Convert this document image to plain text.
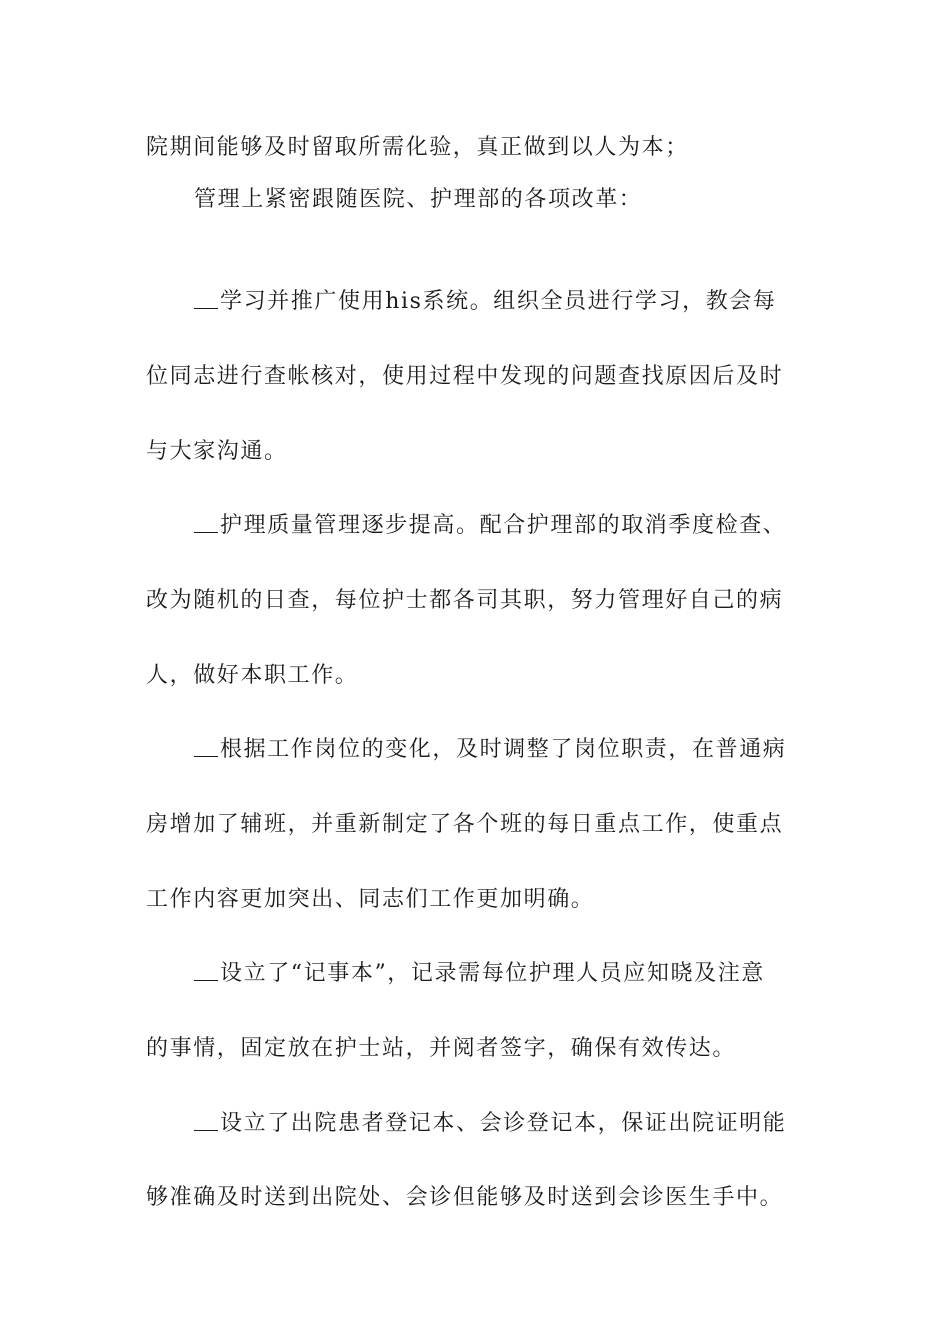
院期间能够及时留取所需化验，真正做到以人为本；
管理上紧密跟随医院、护理部的各项改革：
学习并推广使用his系统。组织全员进行学习，教会每
位同志进行查帐核对，使用过程中发现的问题查找原因后及时
与大家沟通。
护理质量管理逐步提高。配合护理部的取消季度检查、
改为随机的日查，每位护士都各司其职，努力管理好自己的病
人，做好本职工作。
根据工作岗位的变化，及时调整了岗位职责，在普通病
房增加了辅班，并重新制定了各个班的每日重点工作，使重点
工作内容更加突出、同志们工作更加明确。
设立了“记事本”，记录需每位护理人员应知晓及注意
的事情，固定放在护士站，并阅者签字，确保有效传达。
设立了出院患者登记本、会诊登记本，保证出院证明能
够准确及时送到出院处、会诊但能够及时送到会诊医生手中。
